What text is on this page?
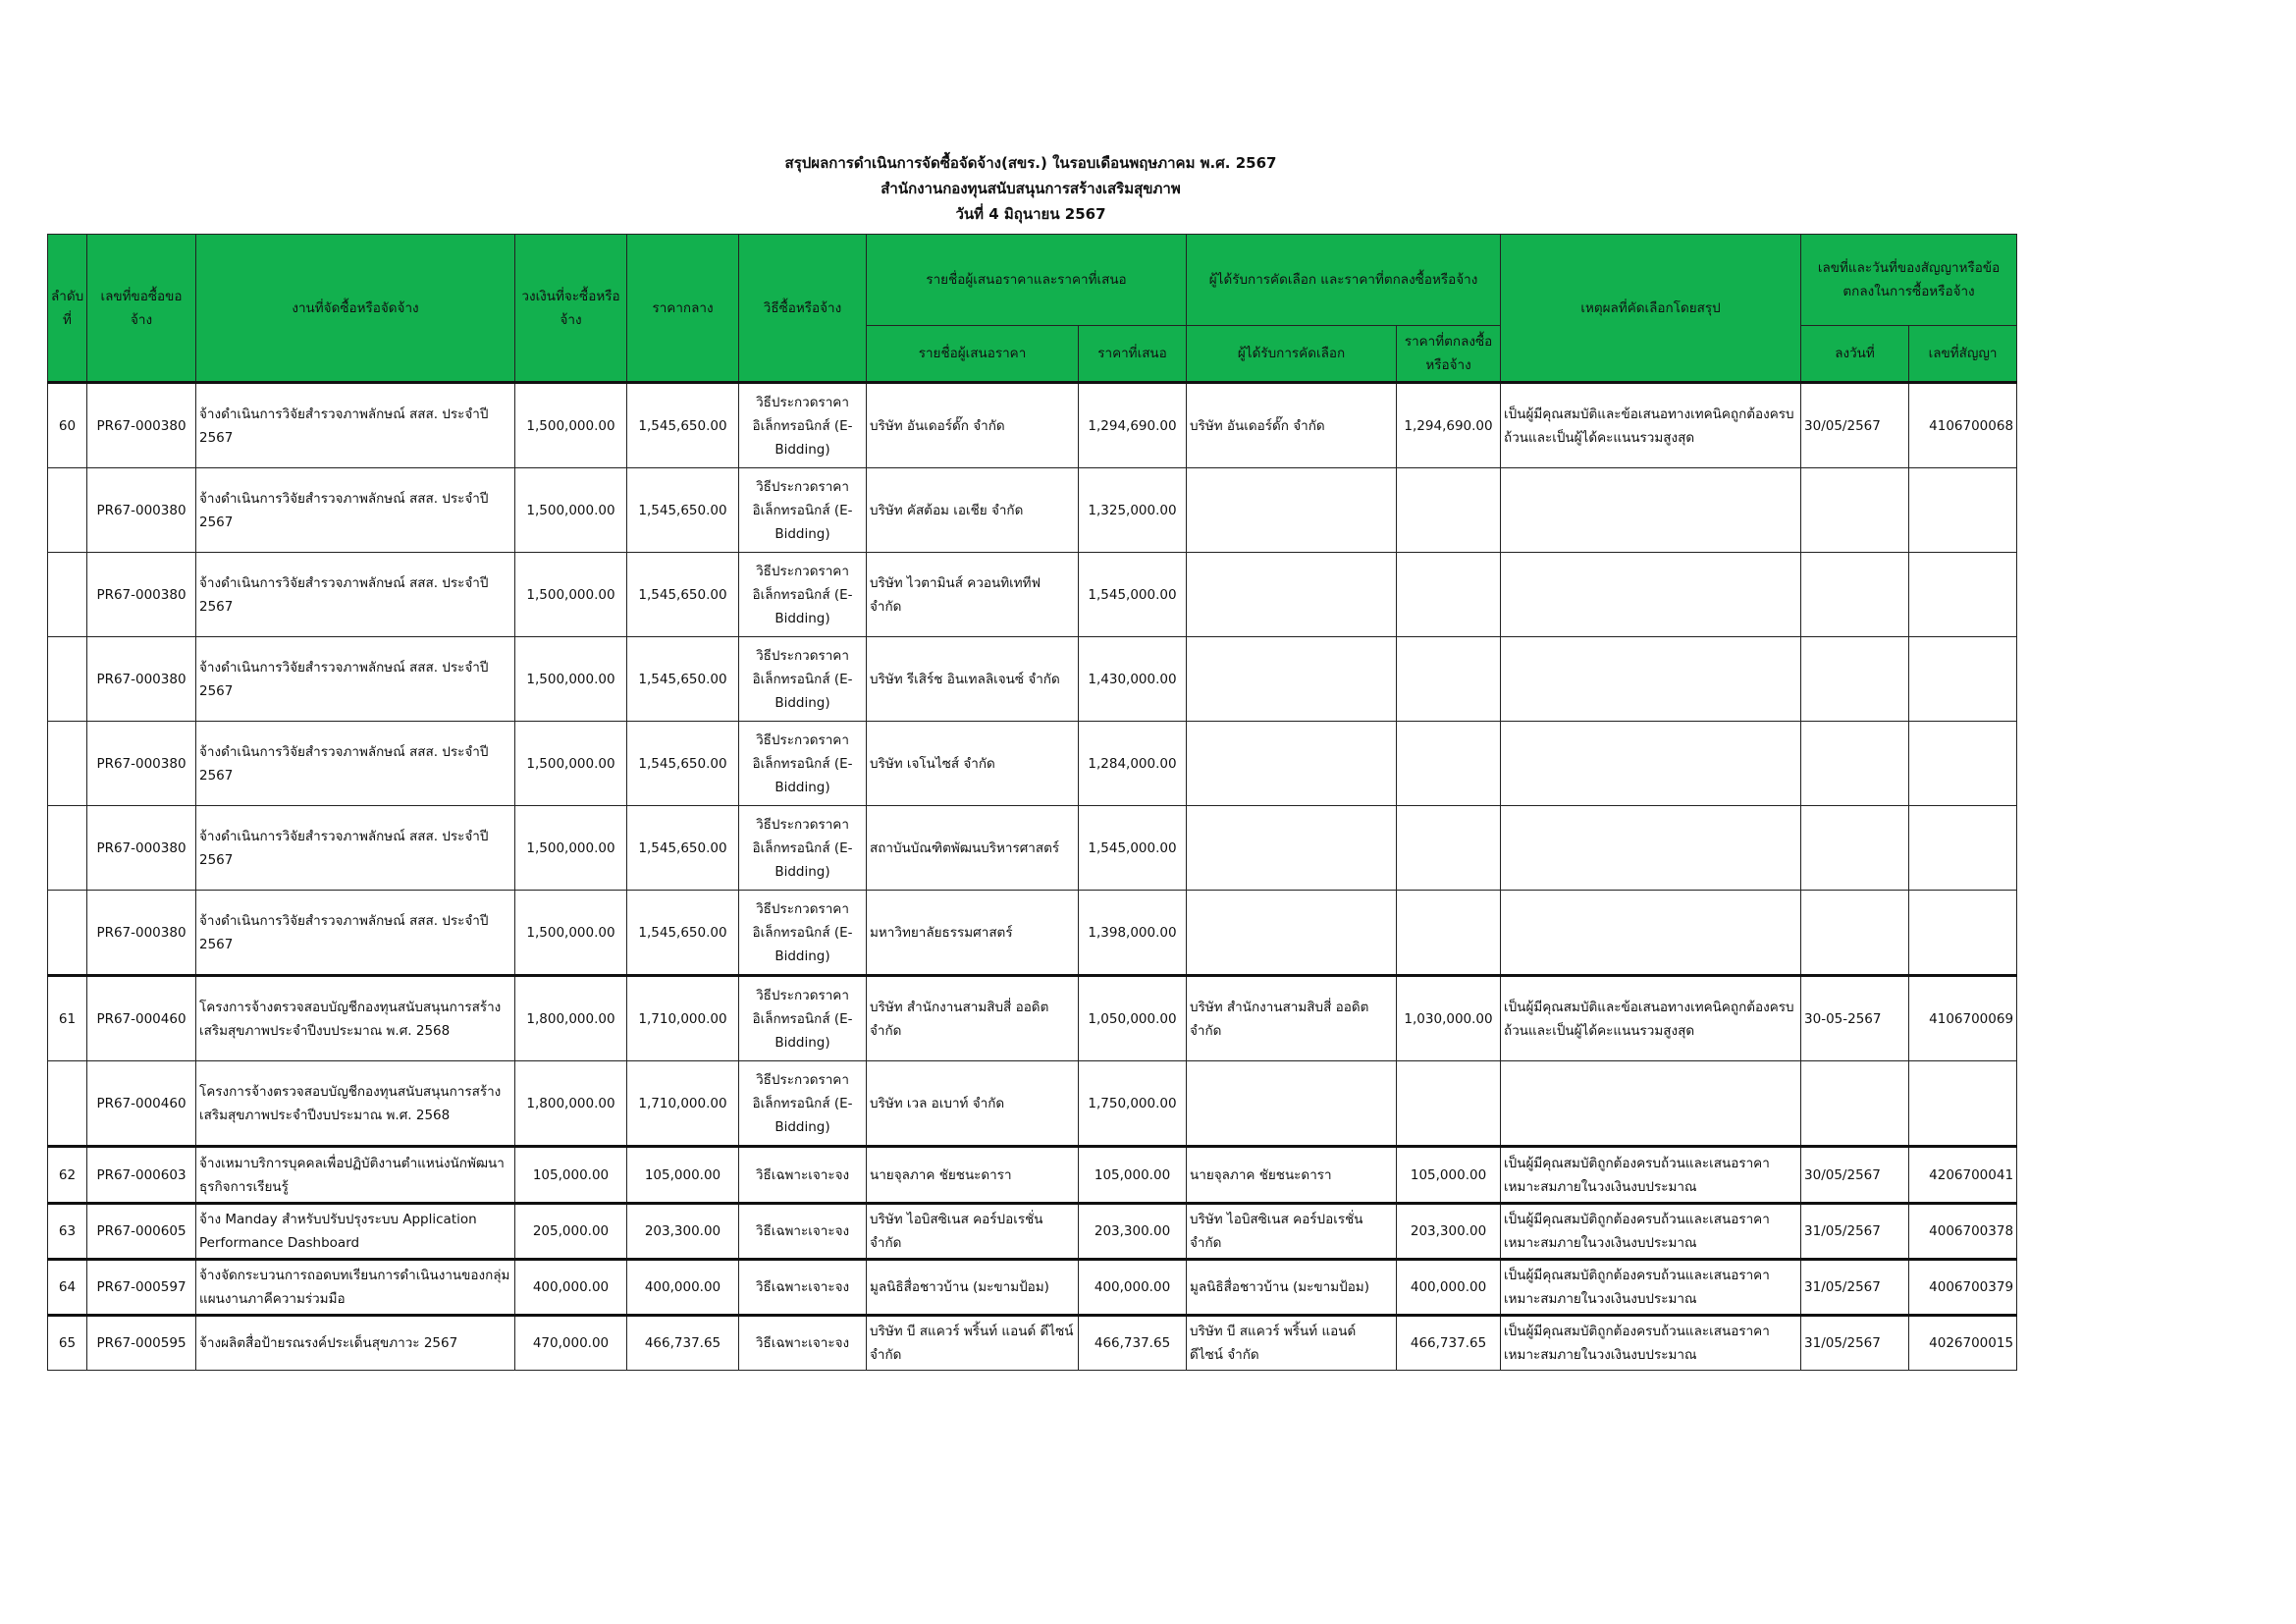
สรุปผลการดำเนินการจัดซื้อจัดจ้าง(สขร.) ในรอบเดือนพฤษภาคม พ.ศ. 2567
สำนักงานกองทุนสนับสนุนการสร้างเสริมสุขภาพ
วันที่ 4 มิถุนายน 2567
ลำดับที่	เลขที่ขอซื้อขอจ้าง	งานที่จัดซื้อหรือจัดจ้าง	วงเงินที่จะซื้อหรือจ้าง	ราคากลาง	วิธีซื้อหรือจ้าง	รายชื่อผู้เสนอราคาและราคาที่เสนอ		ผู้ได้รับการคัดเลือก และราคาที่ตกลงซื้อหรือจ้าง		เหตุผลที่คัดเลือกโดยสรุป	เลขที่และวันที่ของสัญญาหรือข้อตกลงในการซื้อหรือจ้าง	
						รายชื่อผู้เสนอราคา	ราคาที่เสนอ	ผู้ได้รับการคัดเลือก	ราคาที่ตกลงซื้อหรือจ้าง		ลงวันที่	เลขที่สัญญา
60	PR67-000380	จ้างดำเนินการวิจัยสำรวจภาพลักษณ์ สสส. ประจำปี 2567	1,500,000.00	1,545,650.00	วิธีประกวดราคาอิเล็กทรอนิกส์ (E-Bidding)	บริษัท อันเดอร์ดั๊ก จำกัด	1,294,690.00	บริษัท อันเดอร์ดั๊ก จำกัด	1,294,690.00	เป็นผู้มีคุณสมบัติและข้อเสนอทางเทคนิคถูกต้องครบถ้วนและเป็นผู้ได้คะแนนรวมสูงสุด	30/05/2567	4106700068
	PR67-000380	จ้างดำเนินการวิจัยสำรวจภาพลักษณ์ สสส. ประจำปี 2567	1,500,000.00	1,545,650.00	วิธีประกวดราคาอิเล็กทรอนิกส์ (E-Bidding)	บริษัท คัสต้อม เอเชีย จำกัด	1,325,000.00					
	PR67-000380	จ้างดำเนินการวิจัยสำรวจภาพลักษณ์ สสส. ประจำปี 2567	1,500,000.00	1,545,650.00	วิธีประกวดราคาอิเล็กทรอนิกส์ (E-Bidding)	บริษัท ไวตามินส์ ควอนทิเททีฟ จำกัด	1,545,000.00					
	PR67-000380	จ้างดำเนินการวิจัยสำรวจภาพลักษณ์ สสส. ประจำปี 2567	1,500,000.00	1,545,650.00	วิธีประกวดราคาอิเล็กทรอนิกส์ (E-Bidding)	บริษัท รีเสิร์ช อินเทลลิเจนซ์ จำกัด	1,430,000.00					
	PR67-000380	จ้างดำเนินการวิจัยสำรวจภาพลักษณ์ สสส. ประจำปี 2567	1,500,000.00	1,545,650.00	วิธีประกวดราคาอิเล็กทรอนิกส์ (E-Bidding)	บริษัท เจโนไซส์ จำกัด	1,284,000.00					
	PR67-000380	จ้างดำเนินการวิจัยสำรวจภาพลักษณ์ สสส. ประจำปี 2567	1,500,000.00	1,545,650.00	วิธีประกวดราคาอิเล็กทรอนิกส์ (E-Bidding)	สถาบันบัณฑิตพัฒนบริหารศาสตร์	1,545,000.00					
	PR67-000380	จ้างดำเนินการวิจัยสำรวจภาพลักษณ์ สสส. ประจำปี 2567	1,500,000.00	1,545,650.00	วิธีประกวดราคาอิเล็กทรอนิกส์ (E-Bidding)	มหาวิทยาลัยธรรมศาสตร์	1,398,000.00					
61	PR67-000460	โครงการจ้างตรวจสอบบัญชีกองทุนสนับสนุนการสร้างเสริมสุขภาพประจำปีงบประมาณ พ.ศ. 2568	1,800,000.00	1,710,000.00	วิธีประกวดราคาอิเล็กทรอนิกส์ (E-Bidding)	บริษัท สำนักงานสามสิบสี่ ออดิต จำกัด	1,050,000.00	บริษัท สำนักงานสามสิบสี่ ออดิต จำกัด	1,030,000.00	เป็นผู้มีคุณสมบัติและข้อเสนอทางเทคนิคถูกต้องครบถ้วนและเป็นผู้ได้คะแนนรวมสูงสุด	30-05-2567	4106700069
	PR67-000460	โครงการจ้างตรวจสอบบัญชีกองทุนสนับสนุนการสร้างเสริมสุขภาพประจำปีงบประมาณ พ.ศ. 2568	1,800,000.00	1,710,000.00	วิธีประกวดราคาอิเล็กทรอนิกส์ (E-Bidding)	บริษัท เวล อเบาท์ จำกัด	1,750,000.00					
62	PR67-000603	จ้างเหมาบริการบุคคลเพื่อปฏิบัติงานตำแหน่งนักพัฒนาธุรกิจการเรียนรู้	105,000.00	105,000.00	วิธีเฉพาะเจาะจง	นายจุลภาค ชัยชนะดารา	105,000.00	นายจุลภาค ชัยชนะดารา	105,000.00	เป็นผู้มีคุณสมบัติถูกต้องครบถ้วนและเสนอราคาเหมาะสมภายในวงเงินงบประมาณ	30/05/2567	4206700041
63	PR67-000605	จ้าง Manday สำหรับปรับปรุงระบบ Application Performance Dashboard	205,000.00	203,300.00	วิธีเฉพาะเจาะจง	บริษัท ไอบิสซิเนส คอร์ปอเรชั่น จำกัด	203,300.00	บริษัท ไอบิสซิเนส คอร์ปอเรชั่น จำกัด	203,300.00	เป็นผู้มีคุณสมบัติถูกต้องครบถ้วนและเสนอราคาเหมาะสมภายในวงเงินงบประมาณ	31/05/2567	4006700378
64	PR67-000597	จ้างจัดกระบวนการถอดบทเรียนการดำเนินงานของกลุ่มแผนงานภาคีความร่วมมือ	400,000.00	400,000.00	วิธีเฉพาะเจาะจง	มูลนิธิสื่อชาวบ้าน (มะขามป้อม)	400,000.00	มูลนิธิสื่อชาวบ้าน (มะขามป้อม)	400,000.00	เป็นผู้มีคุณสมบัติถูกต้องครบถ้วนและเสนอราคาเหมาะสมภายในวงเงินงบประมาณ	31/05/2567	4006700379
65	PR67-000595	จ้างผลิตสื่อป้ายรณรงค์ประเด็นสุขภาวะ 2567	470,000.00	466,737.65	วิธีเฉพาะเจาะจง	บริษัท บี สแควร์ พริ้นท์ แอนด์ ดีไซน์ จำกัด	466,737.65	บริษัท บี สแควร์ พริ้นท์ แอนด์ ดีไซน์ จำกัด	466,737.65	เป็นผู้มีคุณสมบัติถูกต้องครบถ้วนและเสนอราคาเหมาะสมภายในวงเงินงบประมาณ	31/05/2567	4026700015
